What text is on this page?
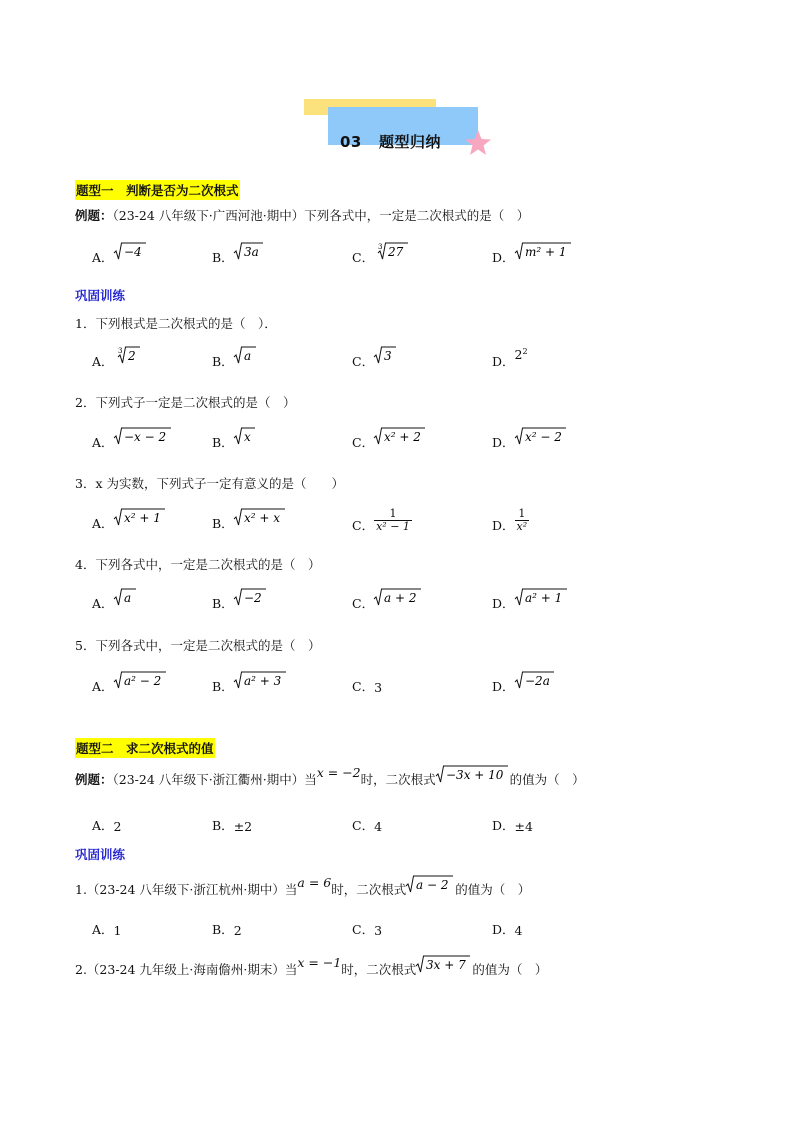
03 题型归纳
题型一　判断是否为二次根式
例题：（23-24 八年级下·广西河池·期中）下列各式中，一定是二次根式的是（　）
A． −4	B． 3a	C．
3 27	D． m² + 1
巩固训练
1．下列根式是二次根式的是（　）．
A．
3 2	B． a	C． 3	D．$2^2$
2．下列式子一定是二次根式的是（　）
A． −x − 2	B． x	C． x² + 2	D． x² − 2
3．x 为实数，下列式子一定有意义的是（　　）
A． x² + 1	B． x² + x
C． $\frac{1}{\text{x² − 1}}$	D． $\frac{1}{\text{x²}}$
4．下列各式中，一定是二次根式的是（　）
A． a	B． −2	C． a + 2	D． a² + 1
5．下列各式中，一定是二次根式的是（　）
A． a² − 2	B． a² + 3	C．3	D． −2a
题型二　求二次根式的值
例题：（23-24 八年级下·浙江衢州·期中）当x = −2时，二次根式 −3x + 10 的值为（　）
A．2	B．±2	C．4	D．±4
巩固训练
1.（23-24 八年级下·浙江杭州·期中）当a = 6时，二次根式 a − 2 的值为（　）
A．1	B．2	C．3	D．4
2.（23-24 九年级上·海南儋州·期末）当x = −1时，二次根式 3x + 7 的值为（　）
